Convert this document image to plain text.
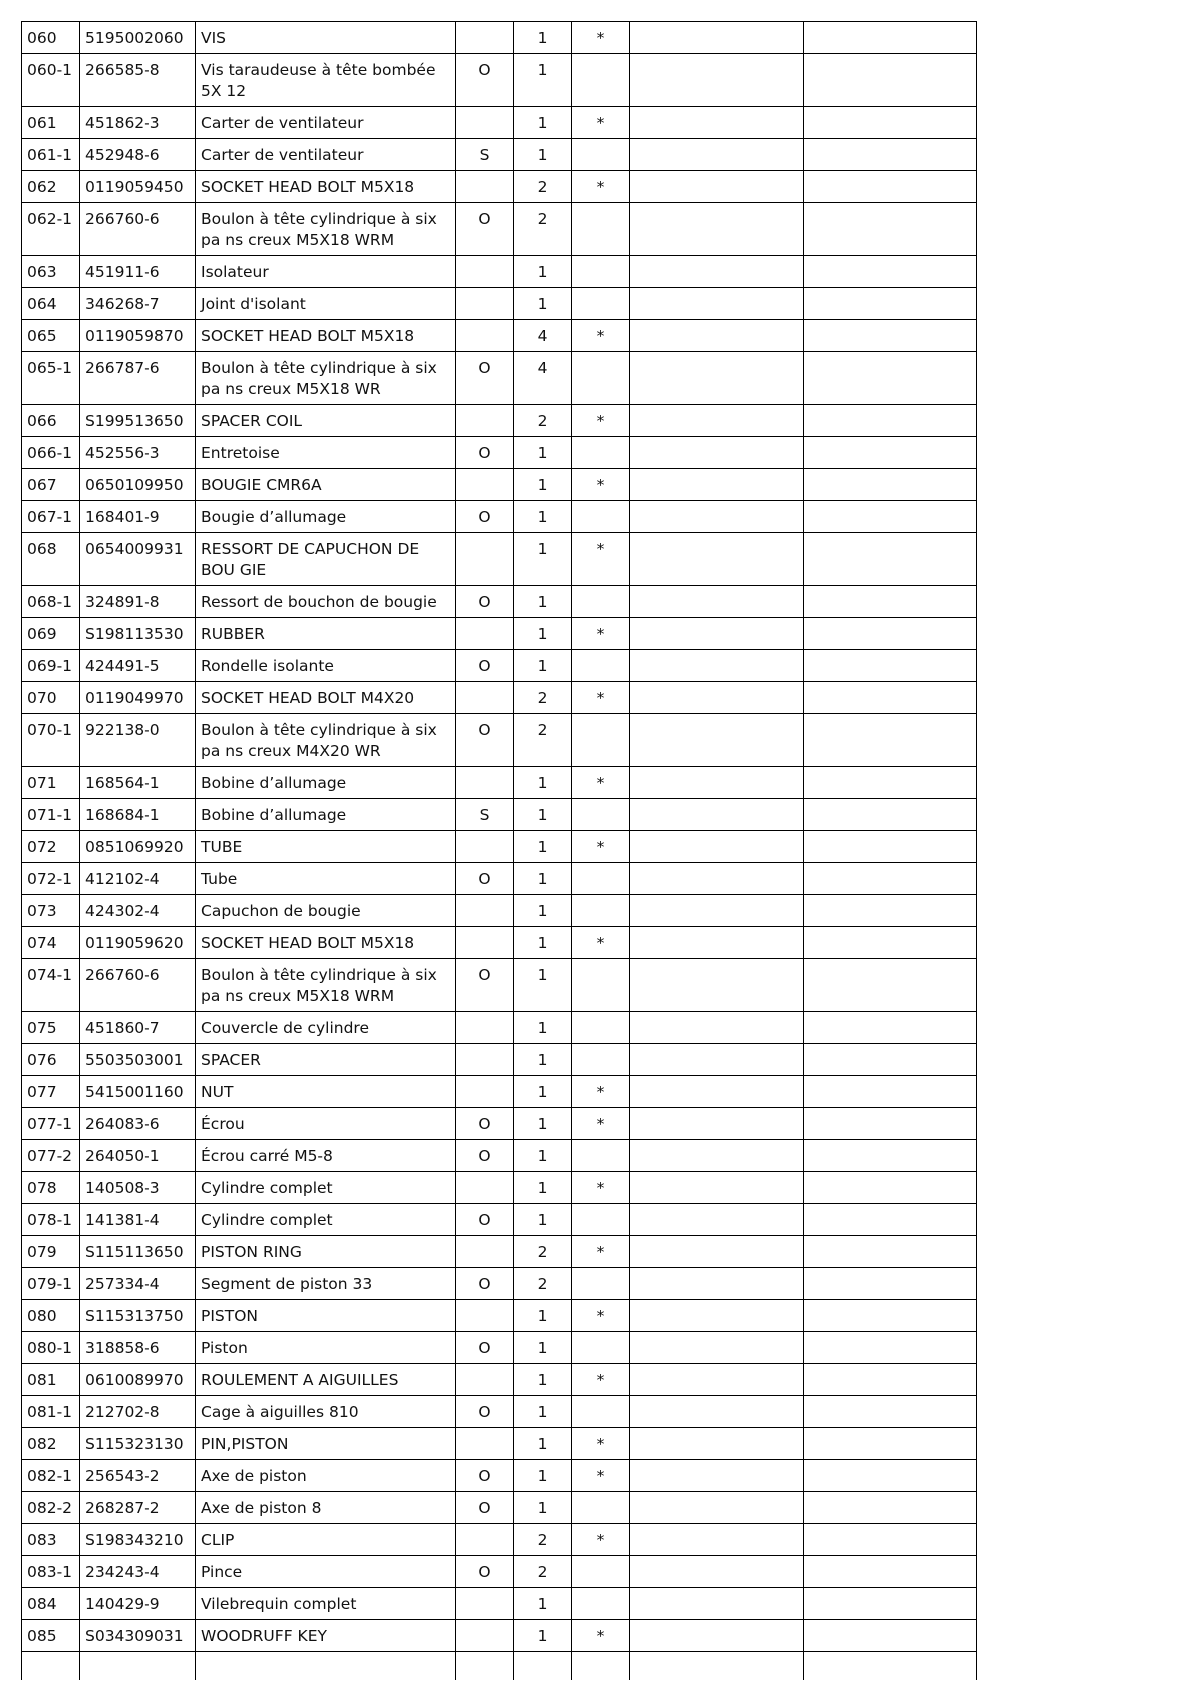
060	5195002060	VIS		1	*		
060-1	266585-8	Vis taraudeuse à tête bombée 5X 12	O	1			
061	451862-3	Carter de ventilateur		1	*		
061-1	452948-6	Carter de ventilateur	S	1			
062	0119059450	SOCKET HEAD BOLT M5X18		2	*		
062-1	266760-6	Boulon à tête cylindrique à six pa ns creux M5X18 WRM	O	2			
063	451911-6	Isolateur		1			
064	346268-7	Joint d'isolant		1			
065	0119059870	SOCKET HEAD BOLT M5X18		4	*		
065-1	266787-6	Boulon à tête cylindrique à six pa ns creux M5X18 WR	O	4			
066	S199513650	SPACER COIL		2	*		
066-1	452556-3	Entretoise	O	1			
067	0650109950	BOUGIE CMR6A		1	*		
067-1	168401-9	Bougie d’allumage	O	1			
068	0654009931	RESSORT DE CAPUCHON DE BOU GIE		1	*		
068-1	324891-8	Ressort de bouchon de bougie	O	1			
069	S198113530	RUBBER		1	*		
069-1	424491-5	Rondelle isolante	O	1			
070	0119049970	SOCKET HEAD BOLT M4X20		2	*		
070-1	922138-0	Boulon à tête cylindrique à six pa ns creux M4X20 WR	O	2			
071	168564-1	Bobine d’allumage		1	*		
071-1	168684-1	Bobine d’allumage	S	1			
072	0851069920	TUBE		1	*		
072-1	412102-4	Tube	O	1			
073	424302-4	Capuchon de bougie		1			
074	0119059620	SOCKET HEAD BOLT M5X18		1	*		
074-1	266760-6	Boulon à tête cylindrique à six pa ns creux M5X18 WRM	O	1			
075	451860-7	Couvercle de cylindre		1			
076	5503503001	SPACER		1			
077	5415001160	NUT		1	*		
077-1	264083-6	Écrou	O	1	*		
077-2	264050-1	Écrou carré M5-8	O	1			
078	140508-3	Cylindre complet		1	*		
078-1	141381-4	Cylindre complet	O	1			
079	S115113650	PISTON RING		2	*		
079-1	257334-4	Segment de piston 33	O	2			
080	S115313750	PISTON		1	*		
080-1	318858-6	Piston	O	1			
081	0610089970	ROULEMENT A AIGUILLES		1	*		
081-1	212702-8	Cage à aiguilles 810	O	1			
082	S115323130	PIN,PISTON		1	*		
082-1	256543-2	Axe de piston	O	1	*		
082-2	268287-2	Axe de piston 8	O	1			
083	S198343210	CLIP		2	*		
083-1	234243-4	Pince	O	2			
084	140429-9	Vilebrequin complet		1			
085	S034309031	WOODRUFF KEY		1	*		
